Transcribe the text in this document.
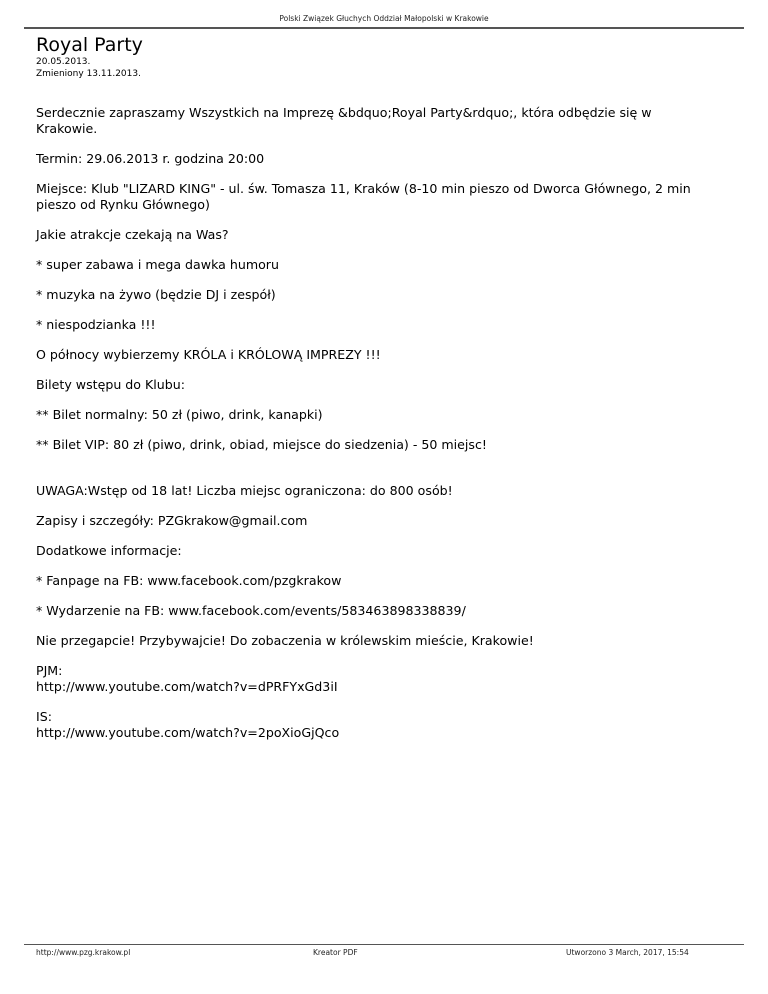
Polski Związek Głuchych Oddział Małopolski w Krakowie
Royal Party
20.05.2013.
Zmieniony 13.11.2013.

Serdecznie zapraszamy Wszystkich na Imprezę &bdquo;Royal Party&rdquo;, która odbędzie się w Krakowie.

Termin: 29.06.2013 r. godzina 20:00

Miejsce: Klub "LIZARD KING" - ul. św. Tomasza 11, Kraków (8-10 min pieszo od Dworca Głównego, 2 min pieszo od Rynku Głównego)

Jakie atrakcje czekają na Was?

* super zabawa i mega dawka humoru

* muzyka na żywo (będzie DJ i zespół)

* niespodzianka !!!

O północy wybierzemy KRÓLA i KRÓLOWĄ IMPREZY !!!

Bilety wstępu do Klubu:

** Bilet normalny: 50 zł (piwo, drink, kanapki)

** Bilet VIP: 80 zł (piwo, drink, obiad, miejsce do siedzenia) - 50 miejsc!

UWAGA:Wstęp od 18 lat! Liczba miejsc ograniczona: do 800 osób!

Zapisy i szczegóły: PZGkrakow@gmail.com

Dodatkowe informacje:

* Fanpage na FB: www.facebook.com/pzgkrakow

* Wydarzenie na FB: www.facebook.com/events/583463898338839/

Nie przegapcie! Przybywajcie! Do zobaczenia w królewskim mieście, Krakowie!

PJM:
http://www.youtube.com/watch?v=dPRFYxGd3iI

IS:
http://www.youtube.com/watch?v=2poXioGjQco

http://www.pzg.krakow.pl	Kreator PDF	Utworzono 3 March, 2017, 15:54
